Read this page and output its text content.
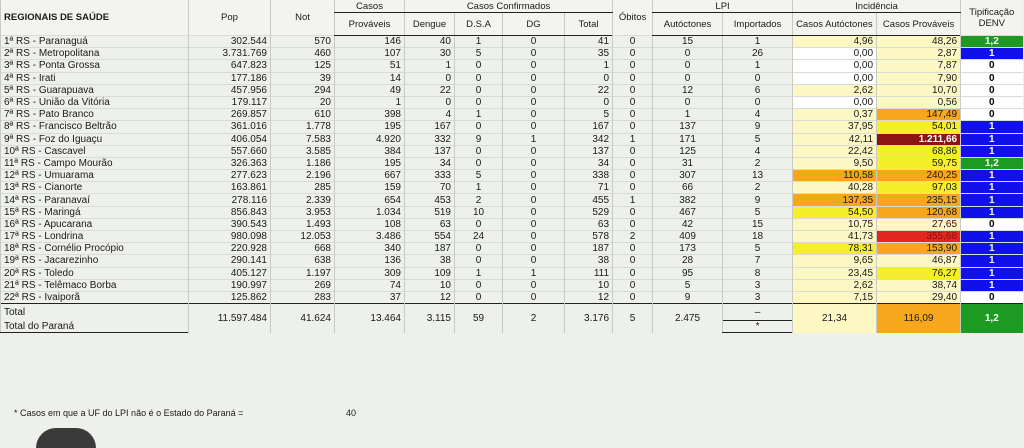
REGIONAIS DE SAÚDE	Pop	Not	Casos	Casos Confirmados				Óbitos	LPI		Incidência		Tipificação DENV
			Prováveis	Dengue	D.S.A	DG	Total		Autóctones	Importados	Casos Autóctones	Casos Prováveis	
1ª RS - Paranaguá	302.544	570	146	40	1	0	41	0	15	1	4,96	48,26	1,2
2ª RS - Metropolitana	3.731.769	460	107	30	5	0	35	0	0	26	0,00	2,87	1
3ª RS - Ponta Grossa	647.823	125	51	1	0	0	1	0	0	1	0,00	7,87	0
4ª RS - Irati	177.186	39	14	0	0	0	0	0	0	0	0,00	7,90	0
5ª RS - Guarapuava	457.956	294	49	22	0	0	22	0	12	6	2,62	10,70	0
6ª RS - União da Vitória	179.117	20	1	0	0	0	0	0	0	0	0,00	0,56	0
7ª RS - Pato Branco	269.857	610	398	4	1	0	5	0	1	4	0,37	147,49	0
8ª RS - Francisco Beltrão	361.016	1.778	195	167	0	0	167	0	137	9	37,95	54,01	1
9ª RS - Foz do Iguaçu	406.054	7.583	4.920	332	9	1	342	1	171	5	42,11	1.211,66	1
10ª RS - Cascavel	557.660	3.585	384	137	0	0	137	0	125	4	22,42	68,86	1
11ª RS - Campo Mourão	326.363	1.186	195	34	0	0	34	0	31	2	9,50	59,75	1,2
12ª RS - Umuarama	277.623	2.196	667	333	5	0	338	0	307	13	110,58	240,25	1
13ª RS - Cianorte	163.861	285	159	70	1	0	71	0	66	2	40,28	97,03	1
14ª RS - Paranavaí	278.116	2.339	654	453	2	0	455	1	382	9	137,35	235,15	1
15ª RS - Maringá	856.843	3.953	1.034	519	10	0	529	0	467	5	54,50	120,68	1
16ª RS - Apucarana	390.543	1.493	108	63	0	0	63	0	42	15	10,75	27,65	0
17ª RS - Londrina	980.098	12.053	3.486	554	24	0	578	2	409	18	41,73	355,68	1
18ª RS - Cornélio Procópio	220.928	668	340	187	0	0	187	0	173	5	78,31	153,90	1
19ª RS - Jacarezinho	290.141	638	136	38	0	0	38	0	28	7	9,65	46,87	1
20ª RS - Toledo	405.127	1.197	309	109	1	1	111	0	95	8	23,45	76,27	1
21ª RS - Telêmaco Borba	190.997	269	74	10	0	0	10	0	5	3	2,62	38,74	1
22ª RS - Ivaiporã	125.862	283	37	12	0	0	12	0	9	3	7,15	29,40	0
Total	11.597.484	41.624	13.464	3.115	59	2	3.176	5	2.475	–	21,34	116,09	1,2
Total do Paraná										*			
* Casos em que a UF do LPI não é o Estado do Paraná =	40
